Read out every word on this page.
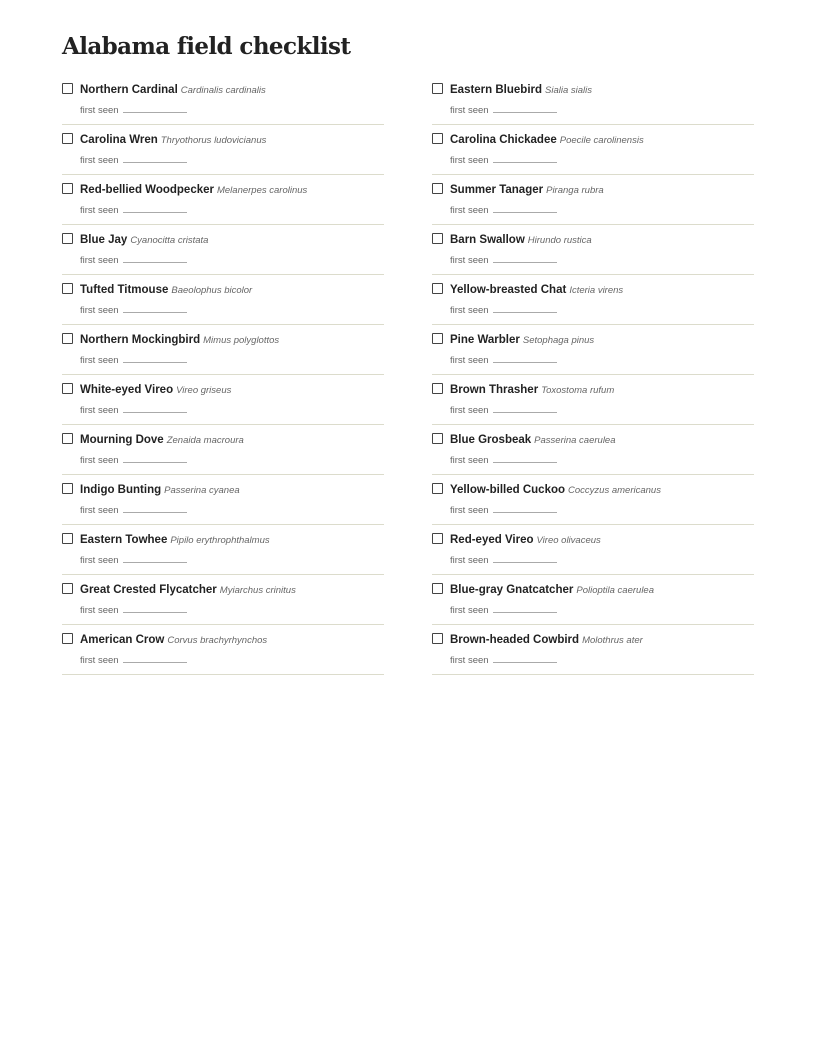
Alabama field checklist
Northern Cardinal Cardinalis cardinalis
first seen
Carolina Wren Thryothorus ludovicianus
first seen
Red-bellied Woodpecker Melanerpes carolinus
first seen
Blue Jay Cyanocitta cristata
first seen
Tufted Titmouse Baeolophus bicolor
first seen
Northern Mockingbird Mimus polyglottos
first seen
White-eyed Vireo Vireo griseus
first seen
Mourning Dove Zenaida macroura
first seen
Indigo Bunting Passerina cyanea
first seen
Eastern Towhee Pipilo erythrophthalmus
first seen
Great Crested Flycatcher Myiarchus crinitus
first seen
American Crow Corvus brachyrhynchos
first seen
Eastern Bluebird Sialia sialis
first seen
Carolina Chickadee Poecile carolinensis
first seen
Summer Tanager Piranga rubra
first seen
Barn Swallow Hirundo rustica
first seen
Yellow-breasted Chat Icteria virens
first seen
Pine Warbler Setophaga pinus
first seen
Brown Thrasher Toxostoma rufum
first seen
Blue Grosbeak Passerina caerulea
first seen
Yellow-billed Cuckoo Coccyzus americanus
first seen
Red-eyed Vireo Vireo olivaceus
first seen
Blue-gray Gnatcatcher Polioptila caerulea
first seen
Brown-headed Cowbird Molothrus ater
first seen
